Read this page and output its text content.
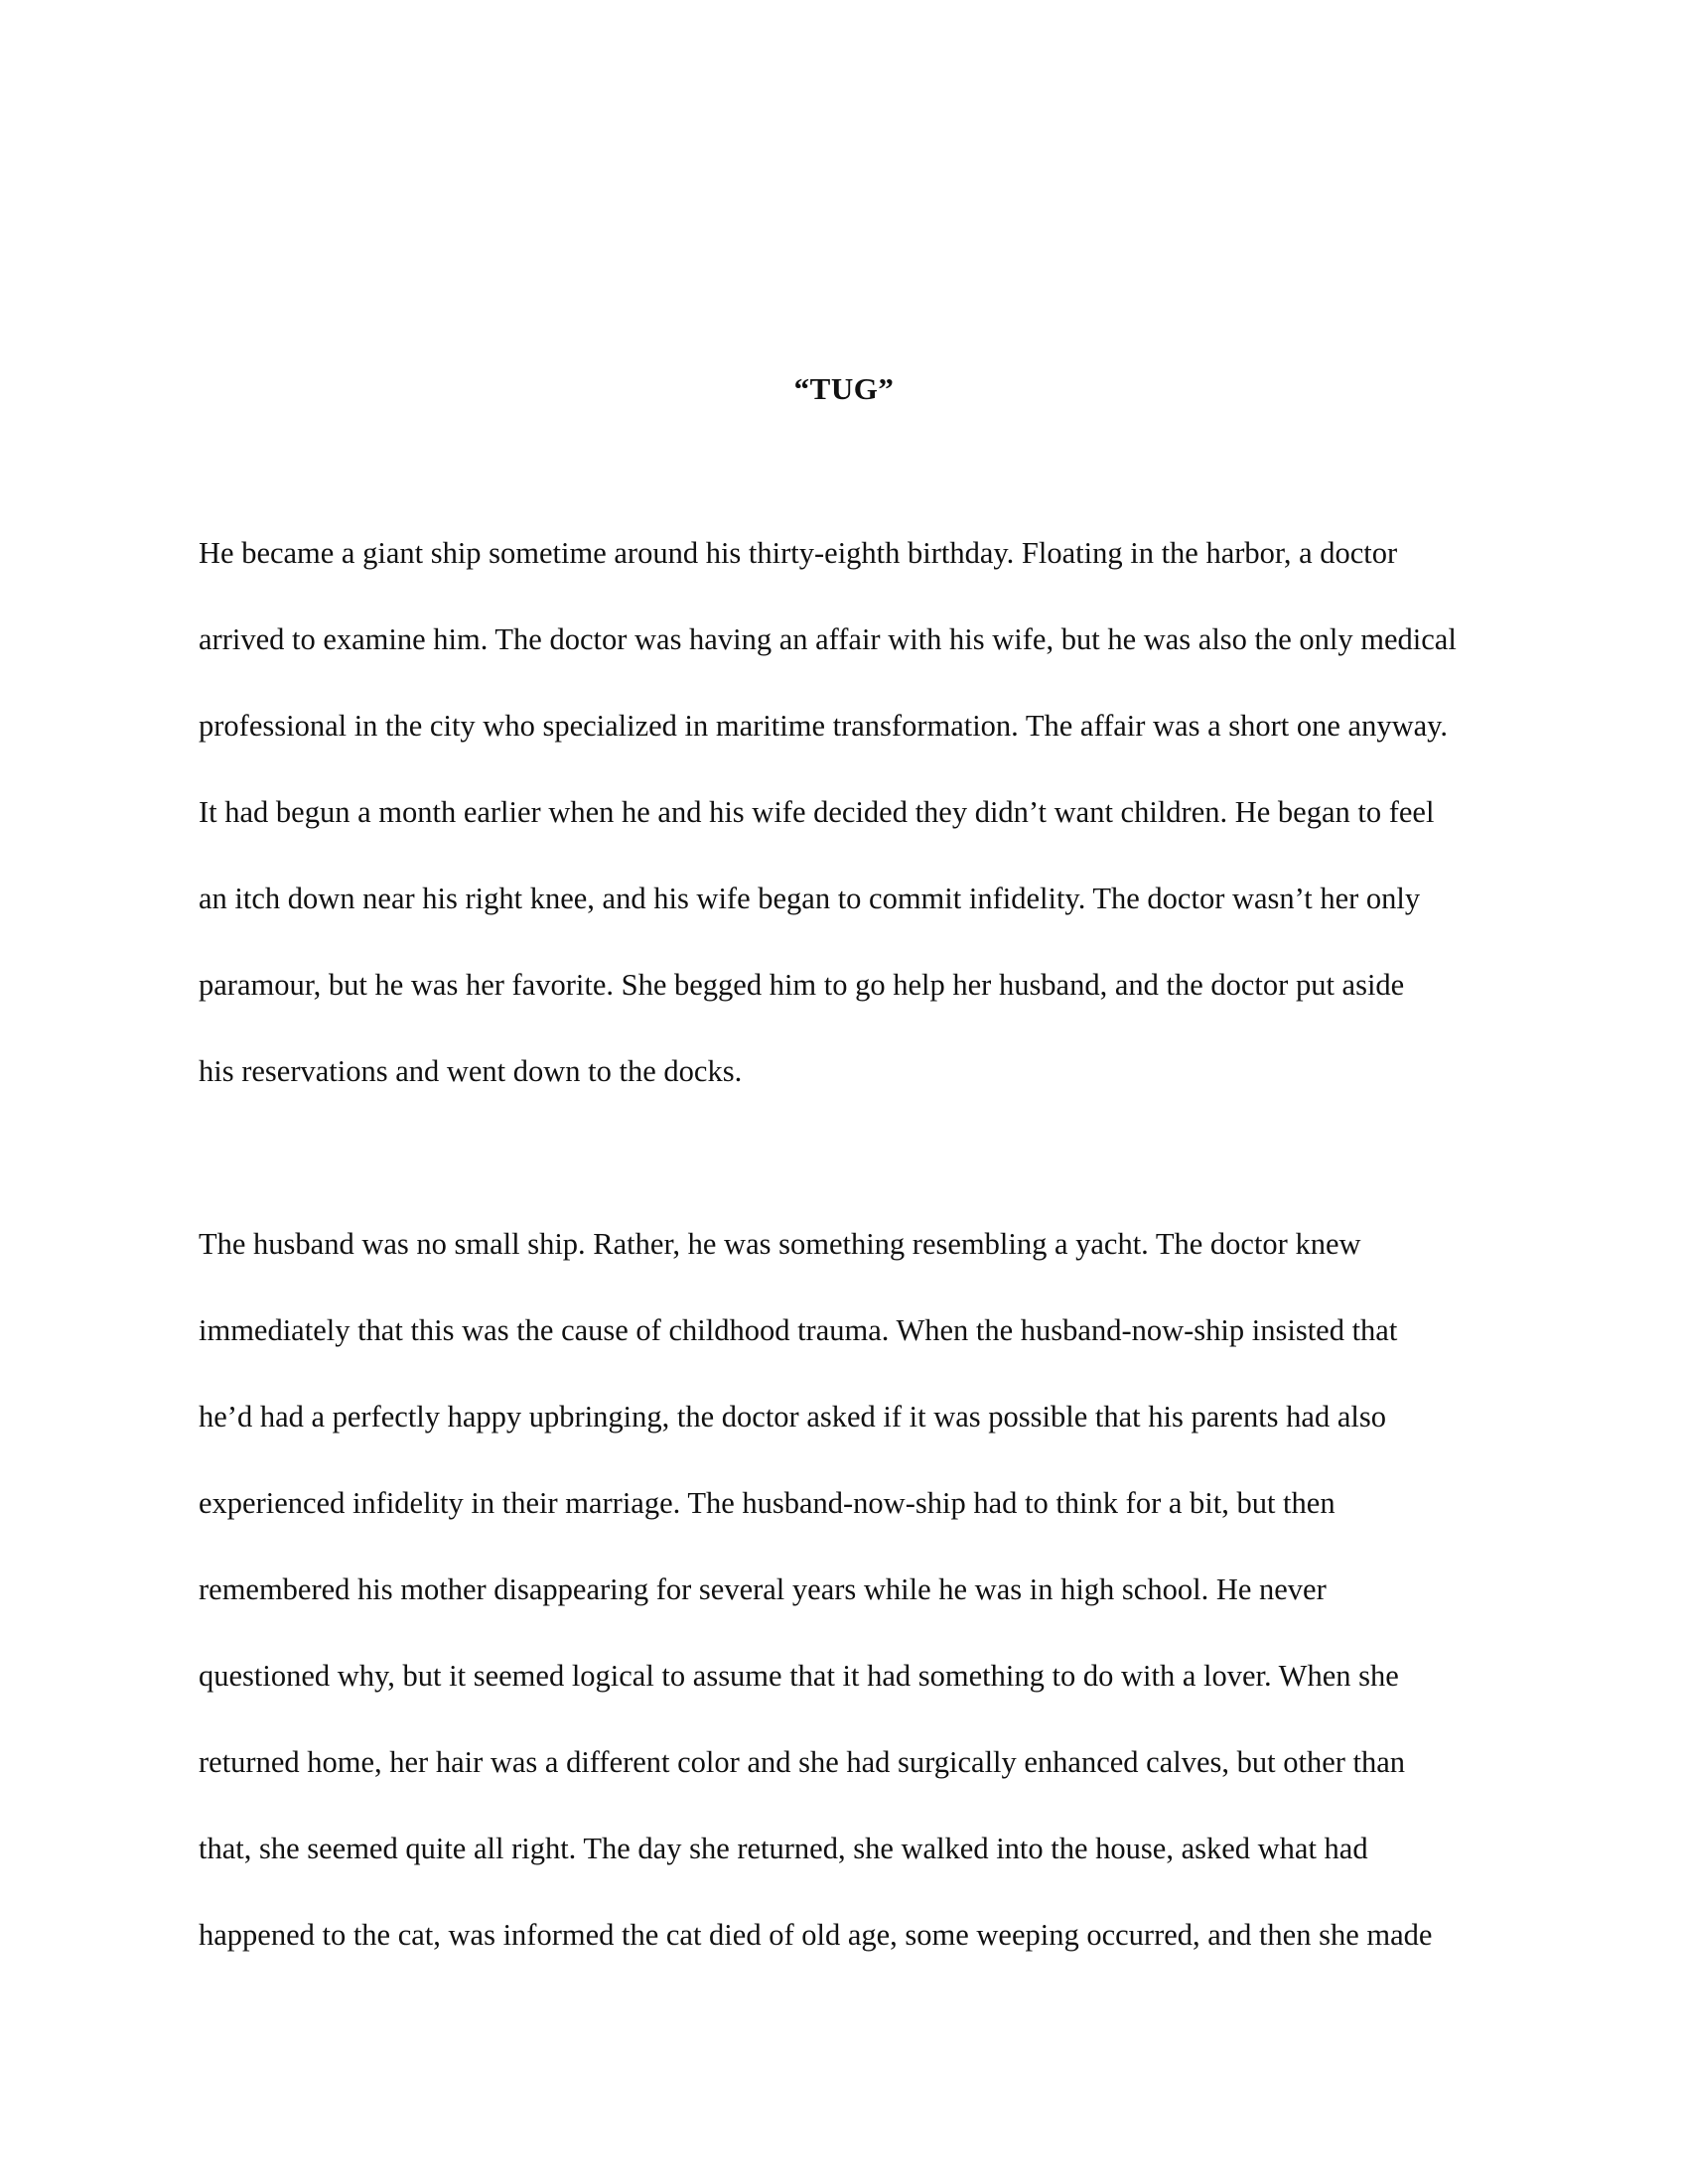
“TUG”
He became a giant ship sometime around his thirty-eighth birthday. Floating in the harbor, a doctor
arrived to examine him. The doctor was having an affair with his wife, but he was also the only medical
professional in the city who specialized in maritime transformation. The affair was a short one anyway.
It had begun a month earlier when he and his wife decided they didn’t want children. He began to feel
an itch down near his right knee, and his wife began to commit infidelity. The doctor wasn’t her only
paramour, but he was her favorite. She begged him to go help her husband, and the doctor put aside
his reservations and went down to the docks.
The husband was no small ship. Rather, he was something resembling a yacht. The doctor knew
immediately that this was the cause of childhood trauma. When the husband-now-ship insisted that
he’d had a perfectly happy upbringing, the doctor asked if it was possible that his parents had also
experienced infidelity in their marriage. The husband-now-ship had to think for a bit, but then
remembered his mother disappearing for several years while he was in high school. He never
questioned why, but it seemed logical to assume that it had something to do with a lover. When she
returned home, her hair was a different color and she had surgically enhanced calves, but other than
that, she seemed quite all right. The day she returned, she walked into the house, asked what had
happened to the cat, was informed the cat died of old age, some weeping occurred, and then she made
